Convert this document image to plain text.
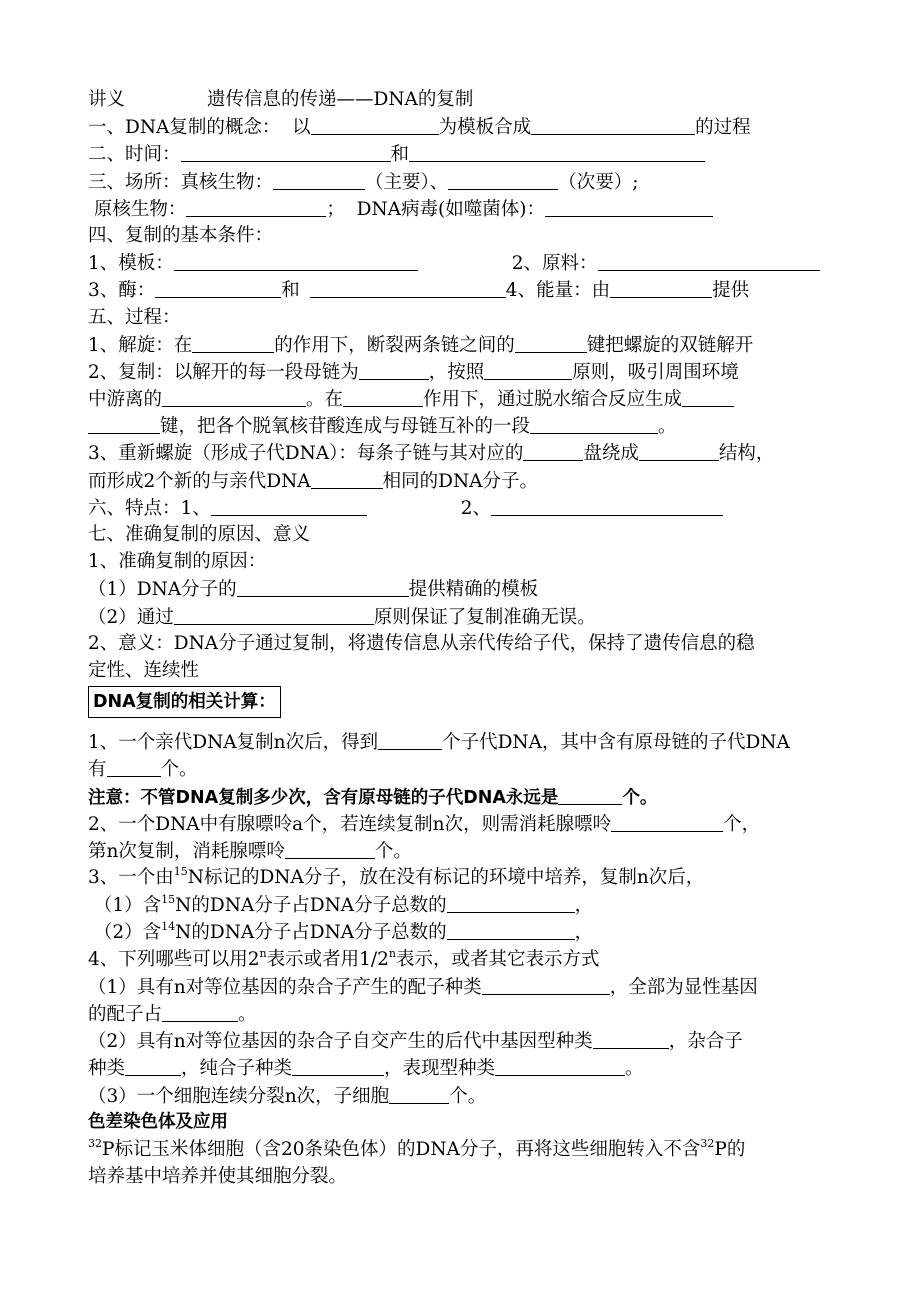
讲义	遗传信息的传递——DNA的复制
一、DNA复制的概念：  以	为模板合成	的过程
二、时间：	和
三、场所：真核生物：	（主要）、	（次要）;
原核生物：	；  DNA病毒(如噬菌体)：
四、复制的基本条件：
1、模板：	2、原料：
3、酶：	和	4、能量：由	提供
五、过程：
1、解旋：在	的作用下，断裂两条链之间的	键把螺旋的双链解开
2、复制：以解开的每一段母链为	，按照	原则，吸引周围环境
中游离的	。在	作用下，通过脱水缩合反应生成
键，把各个脱氧核苷酸连成与母链互补的一段	。
3、重新螺旋（形成子代DNA）：每条子链与其对应的	盘绕成	结构，
而形成2个新的与亲代DNA	相同的DNA分子。
六、特点：1、	2、
七、准确复制的原因、意义
1、准确复制的原因：
（1）DNA分子的	提供精确的模板
（2）通过	原则保证了复制准确无误。
2、意义：DNA分子通过复制，将遗传信息从亲代传给子代，保持了遗传信息的稳
定性、连续性
DNA复制的相关计算：
1、一个亲代DNA复制n次后，得到	个子代DNA，其中含有原母链的子代DNA
有	个。
注意：不管DNA复制多少次，含有原母链的子代DNA永远是	个。
2、一个DNA中有腺嘌呤a个，若连续复制n次，则需消耗腺嘌呤	个，
第n次复制，消耗腺嘌呤	个。
3、一个由$^{15}$N标记的DNA分子，放在没有标记的环境中培养，复制n次后，
（1）含$^{15}$N的DNA分子占DNA分子总数的	，
（2）含$^{14}$N的DNA分子占DNA分子总数的	，
4、下列哪些可以用2$^n$表示或者用1/2$^n$表示，或者其它表示方式
（1）具有n对等位基因的杂合子产生的配子种类	，全部为显性基因
的配子占	。
（2）具有n对等位基因的杂合子自交产生的后代中基因型种类	，杂合子
种类	，纯合子种类	，表现型种类	。
（3）一个细胞连续分裂n次，子细胞	个。
色差染色体及应用
$^{32}$P标记玉米体细胞（含20条染色体）的DNA分子，再将这些细胞转入不含$^{32}$P的
培养基中培养并使其细胞分裂。
